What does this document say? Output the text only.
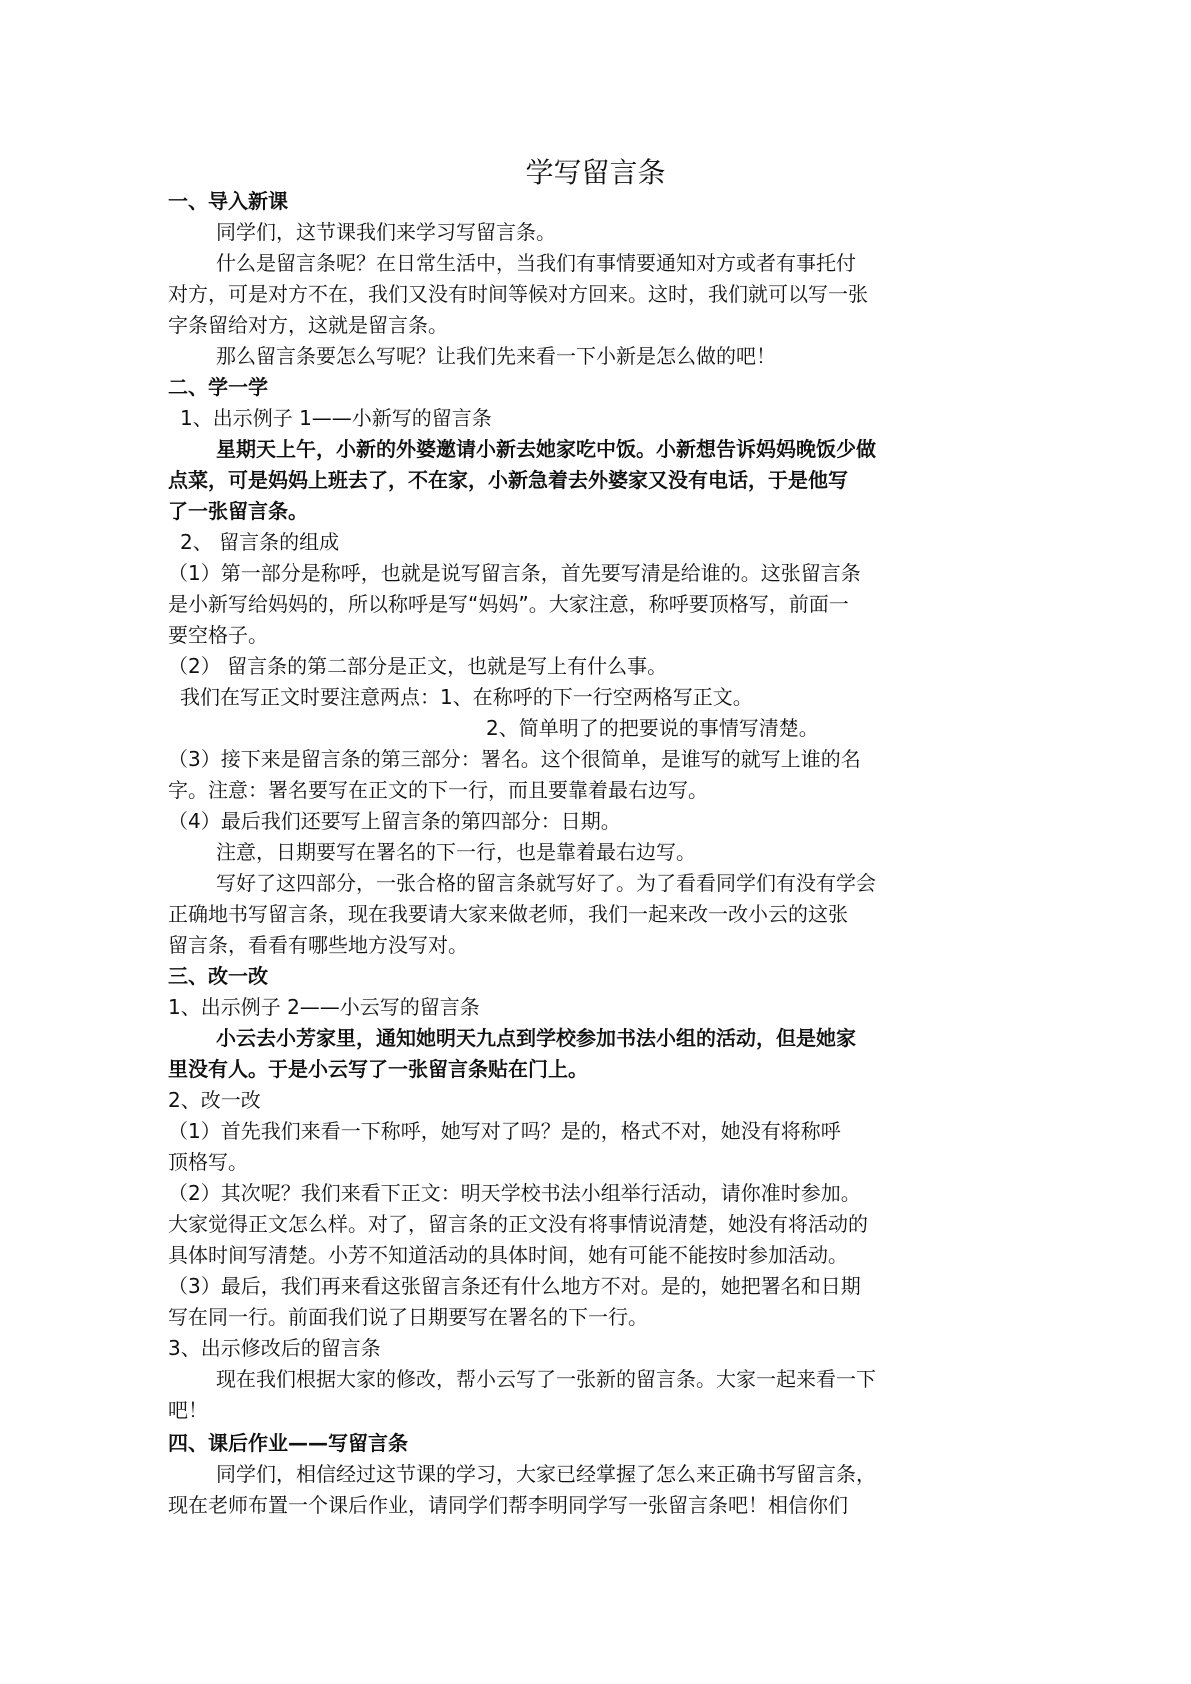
学写留言条
一、导入新课
同学们，这节课我们来学习写留言条。
什么是留言条呢？在日常生活中，当我们有事情要通知对方或者有事托付
对方，可是对方不在，我们又没有时间等候对方回来。这时，我们就可以写一张
字条留给对方，这就是留言条。
那么留言条要怎么写呢？让我们先来看一下小新是怎么做的吧！
二、学一学
1、出示例子 1——小新写的留言条
星期天上午，小新的外婆邀请小新去她家吃中饭。小新想告诉妈妈晚饭少做
点菜，可是妈妈上班去了，不在家，小新急着去外婆家又没有电话，于是他写
了一张留言条。
2、 留言条的组成
（1）第一部分是称呼，也就是说写留言条，首先要写清是给谁的。这张留言条
是小新写给妈妈的，所以称呼是写“妈妈”。大家注意，称呼要顶格写，前面一
要空格子。
（2） 留言条的第二部分是正文，也就是写上有什么事。
我们在写正文时要注意两点：1、在称呼的下一行空两格写正文。
2、简单明了的把要说的事情写清楚。
（3）接下来是留言条的第三部分：署名。这个很简单，是谁写的就写上谁的名
字。注意：署名要写在正文的下一行，而且要靠着最右边写。
（4）最后我们还要写上留言条的第四部分：日期。
注意，日期要写在署名的下一行，也是靠着最右边写。
写好了这四部分，一张合格的留言条就写好了。为了看看同学们有没有学会
正确地书写留言条，现在我要请大家来做老师，我们一起来改一改小云的这张
留言条，看看有哪些地方没写对。
三、改一改
1、出示例子 2——小云写的留言条
小云去小芳家里，通知她明天九点到学校参加书法小组的活动，但是她家
里没有人。于是小云写了一张留言条贴在门上。
2、改一改
（1）首先我们来看一下称呼，她写对了吗？是的，格式不对，她没有将称呼
顶格写。
（2）其次呢？我们来看下正文：明天学校书法小组举行活动，请你准时参加。
大家觉得正文怎么样。对了，留言条的正文没有将事情说清楚，她没有将活动的
具体时间写清楚。小芳不知道活动的具体时间，她有可能不能按时参加活动。
（3）最后，我们再来看这张留言条还有什么地方不对。是的，她把署名和日期
写在同一行。前面我们说了日期要写在署名的下一行。
3、出示修改后的留言条
现在我们根据大家的修改，帮小云写了一张新的留言条。大家一起来看一下
吧！
四、课后作业——写留言条
同学们，相信经过这节课的学习，大家已经掌握了怎么来正确书写留言条，
现在老师布置一个课后作业，请同学们帮李明同学写一张留言条吧！相信你们
